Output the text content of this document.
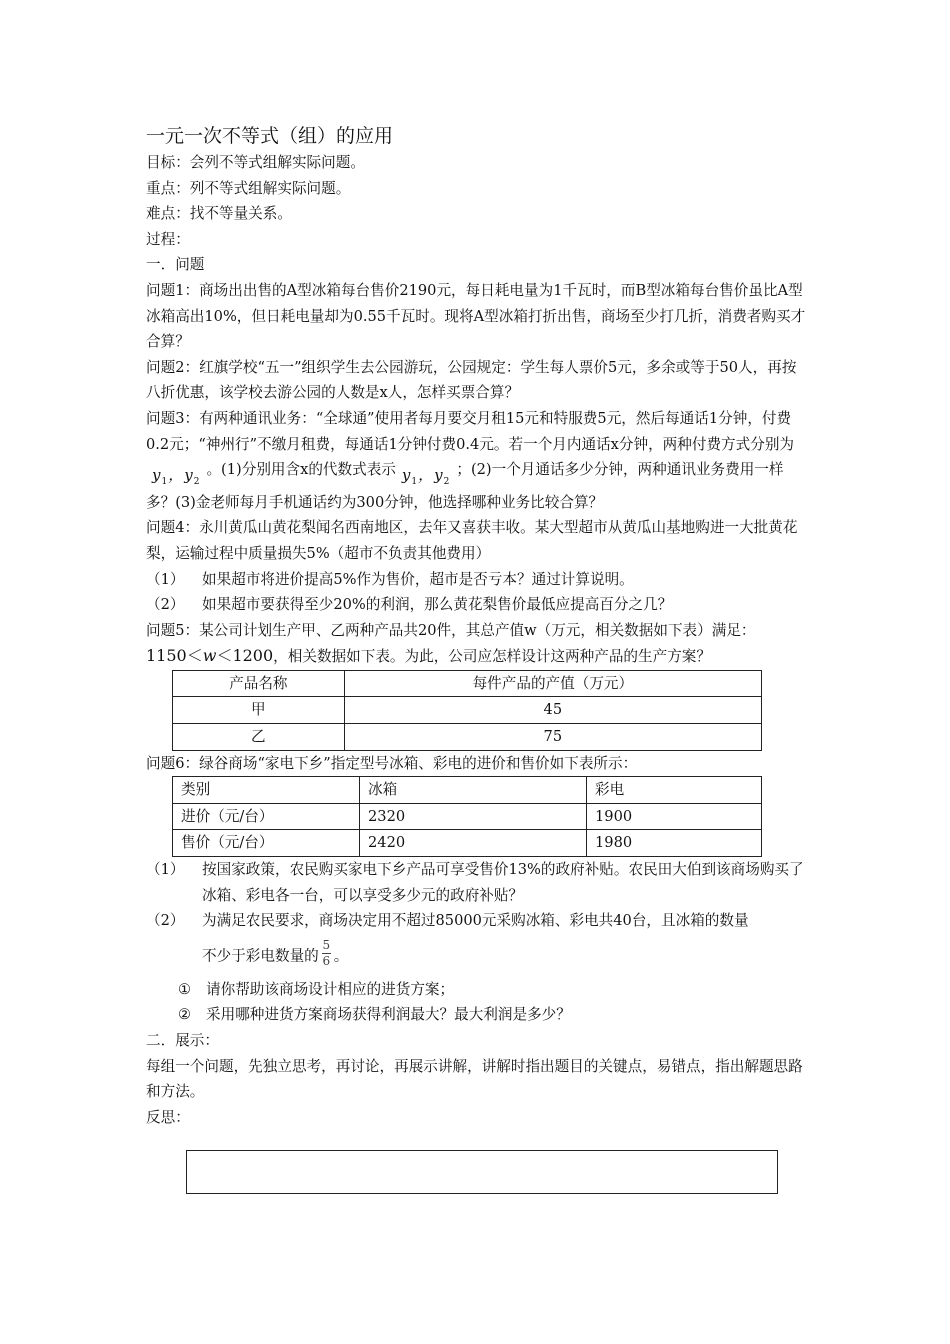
一元一次不等式（组）的应用
目标：会列不等式组解实际问题。
重点：列不等式组解实际问题。
难点：找不等量关系。
过程：
一．问题
问题1：商场出出售的A型冰箱每台售价2190元，每日耗电量为1千瓦时，而B型冰箱每台售价虽比A型冰箱高出10%，但日耗电量却为0.55千瓦时。现将A型冰箱打折出售，商场至少打几折，消费者购买才合算？
问题2：红旗学校“五一”组织学生去公园游玩，公园规定：学生每人票价5元，多余或等于50人，再按八折优惠，该学校去游公园的人数是x人，怎样买票合算？
问题3：有两种通讯业务：“全球通”使用者每月要交月租15元和特服费5元，然后每通话1分钟，付费0.2元；“神州行”不缴月租费，每通话1分钟付费0.4元。若一个月内通话x分钟，两种付费方式分别为$y_1$，$y_2$。(1)分别用含x的代数式表示 $y_1$，$y_2$；(2)一个月通话多少分钟，两种通讯业务费用一样多？(3)金老师每月手机通话约为300分钟，他选择哪种业务比较合算？
问题4：永川黄瓜山黄花梨闻名西南地区，去年又喜获丰收。某大型超市从黄瓜山基地购进一大批黄花梨，运输过程中质量损失5%（超市不负责其他费用）
（1）	如果超市将进价提高5%作为售价，超市是否亏本？通过计算说明。
（2）	如果超市要获得至少20%的利润，那么黄花梨售价最低应提高百分之几？
问题5：某公司计划生产甲、乙两种产品共20件，其总产值w（万元，相关数据如下表）满足：
1150＜w＜1200，相关数据如下表。为此，公司应怎样设计这两种产品的生产方案？
产品名称	每件产品的产值（万元）
甲	45
乙	75
问题6：绿谷商场“家电下乡”指定型号冰箱、彩电的进价和售价如下表所示：
类别	冰箱	彩电
进价（元/台）	2320	1900
售价（元/台）	2420	1980
（1）	按国家政策，农民购买家电下乡产品可享受售价13%的政府补贴。农民田大伯到该商场购买了冰箱、彩电各一台，可以享受多少元的政府补贴？
（2）	为满足农民要求，商场决定用不超过85000元采购冰箱、彩电共40台，且冰箱的数量
不少于彩电数量的 $\frac{5}{6}$ 。
①	请你帮助该商场设计相应的进货方案；
②	采用哪种进货方案商场获得利润最大？最大利润是多少？
二．展示：
每组一个问题，先独立思考，再讨论，再展示讲解，讲解时指出题目的关键点，易错点，指出解题思路和方法。
反思：
